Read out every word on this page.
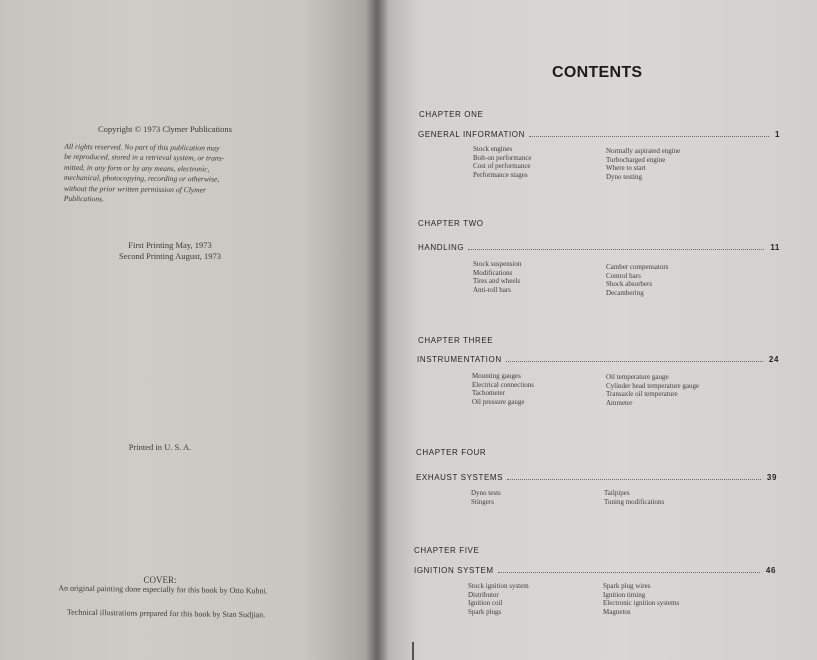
Copyright © 1973 Clymer Publications
All rights reserved. No part of this publication may
be reproduced, stored in a retrieval system, or trans-
mitted, in any form or by any means, electronic,
mechanical, photocopying, recording or otherwise,
without the prior written permission of Clymer
Publications.
First Printing May, 1973
Second Printing August, 1973
Printed in U. S. A.
COVER:
An original painting done especially for this book by Otto Kuhni.
Technical illustrations prepared for this book by Stan Sudjian.
CONTENTS
CHAPTER ONE
GENERAL INFORMATION	1
Stock engines
Bolt-on performance
Cost of performance
Performance stages
Normally aspirated engine
Turbocharged engine
Where to start
Dyno testing
CHAPTER TWO
HANDLING	11
Stock suspension
Modifications
Tires and wheels
Anti-roll bars
Camber compensators
Control bars
Shock absorbers
Decambering
CHAPTER THREE
INSTRUMENTATION	24
Mounting gauges
Electrical connections
Tachometer
Oil pressure gauge
Oil temperature gauge
Cylinder head temperature gauge
Transaxle oil temperature
Ammeter
CHAPTER FOUR
EXHAUST SYSTEMS	39
Dyno tests
Stingers
Tailpipes
Tuning modifications
CHAPTER FIVE
IGNITION SYSTEM	46
Stock ignition system
Distributor
Ignition coil
Spark plugs
Spark plug wires
Ignition timing
Electronic ignition systems
Magnetos
